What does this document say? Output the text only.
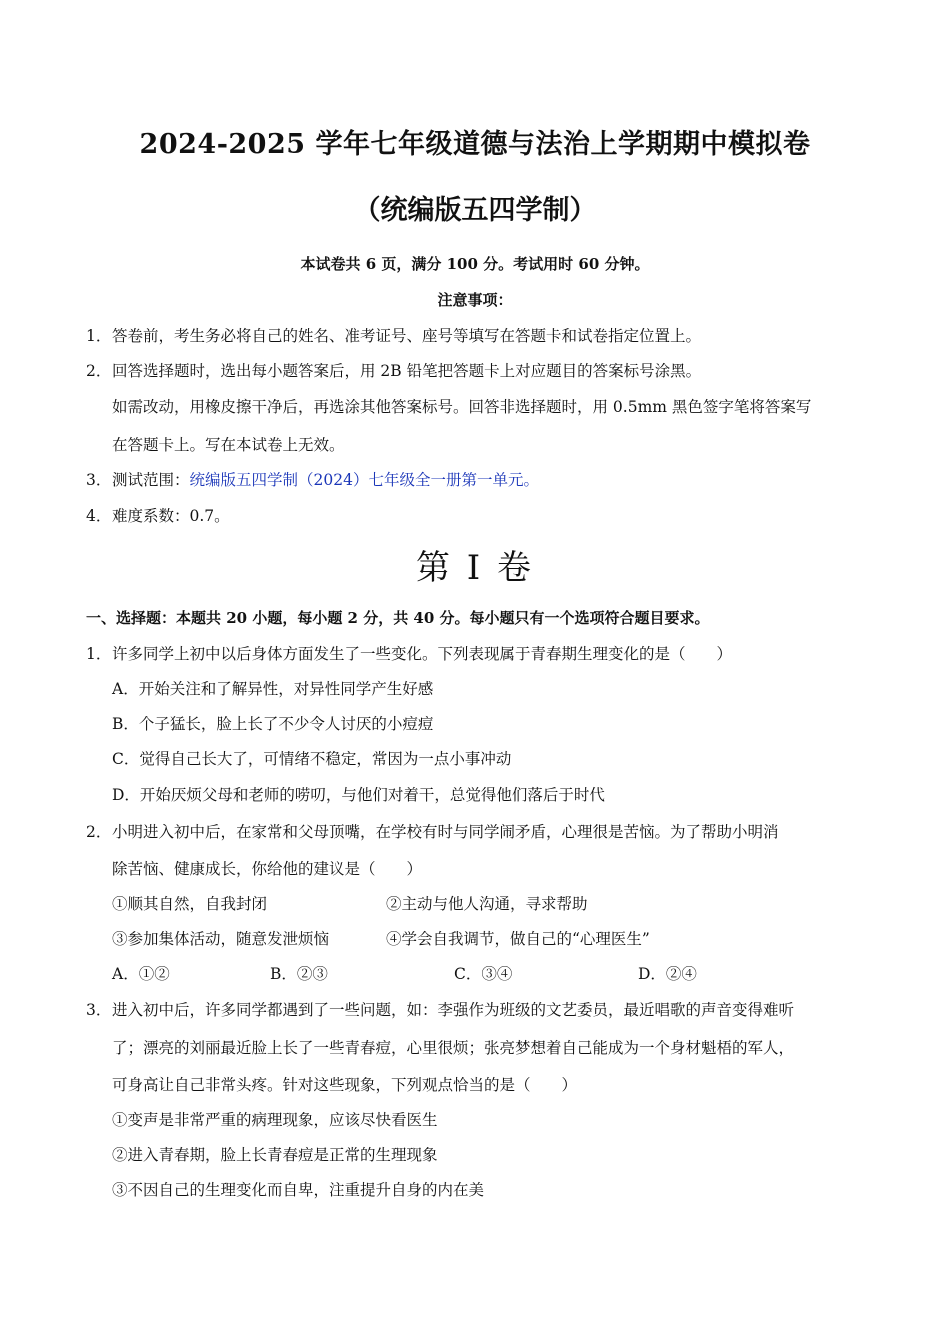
2024-2025 学年七年级道德与法治上学期期中模拟卷
（统编版五四学制）
本试卷共 6 页，满分 100 分。考试用时 60 分钟。
注意事项：
1．答卷前，考生务必将自己的姓名、准考证号、座号等填写在答题卡和试卷指定位置上。
2．回答选择题时，选出每小题答案后，用 2B 铅笔把答题卡上对应题目的答案标号涂黑。
如需改动，用橡皮擦干净后，再选涂其他答案标号。回答非选择题时，用 0.5mm 黑色签字笔将答案写
在答题卡上。写在本试卷上无效。
3．测试范围：统编版五四学制（2024）七年级全一册第一单元。
4．难度系数：0.7。
第 I 卷
一、选择题：本题共 20 小题，每小题 2 分，共 40 分。每小题只有一个选项符合题目要求。
1．许多同学上初中以后身体方面发生了一些变化。下列表现属于青春期生理变化的是（　　）
A．开始关注和了解异性，对异性同学产生好感
B．个子猛长，脸上长了不少令人讨厌的小痘痘
C．觉得自己长大了，可情绪不稳定，常因为一点小事冲动
D．开始厌烦父母和老师的唠叨，与他们对着干，总觉得他们落后于时代
2．小明进入初中后，在家常和父母顶嘴，在学校有时与同学闹矛盾，心理很是苦恼。为了帮助小明消
除苦恼、健康成长，你给他的建议是（　　）
①顺其自然，自我封闭	②主动与他人沟通，寻求帮助
③参加集体活动，随意发泄烦恼	④学会自我调节，做自己的“心理医生”
A．①②	B．②③	C．③④	D．②④
3．进入初中后，许多同学都遇到了一些问题，如：李强作为班级的文艺委员，最近唱歌的声音变得难听
了；漂亮的刘丽最近脸上长了一些青春痘，心里很烦；张亮梦想着自己能成为一个身材魁梧的军人，
可身高让自己非常头疼。针对这些现象，下列观点恰当的是（　　）
①变声是非常严重的病理现象，应该尽快看医生
②进入青春期，脸上长青春痘是正常的生理现象
③不因自己的生理变化而自卑，注重提升自身的内在美
